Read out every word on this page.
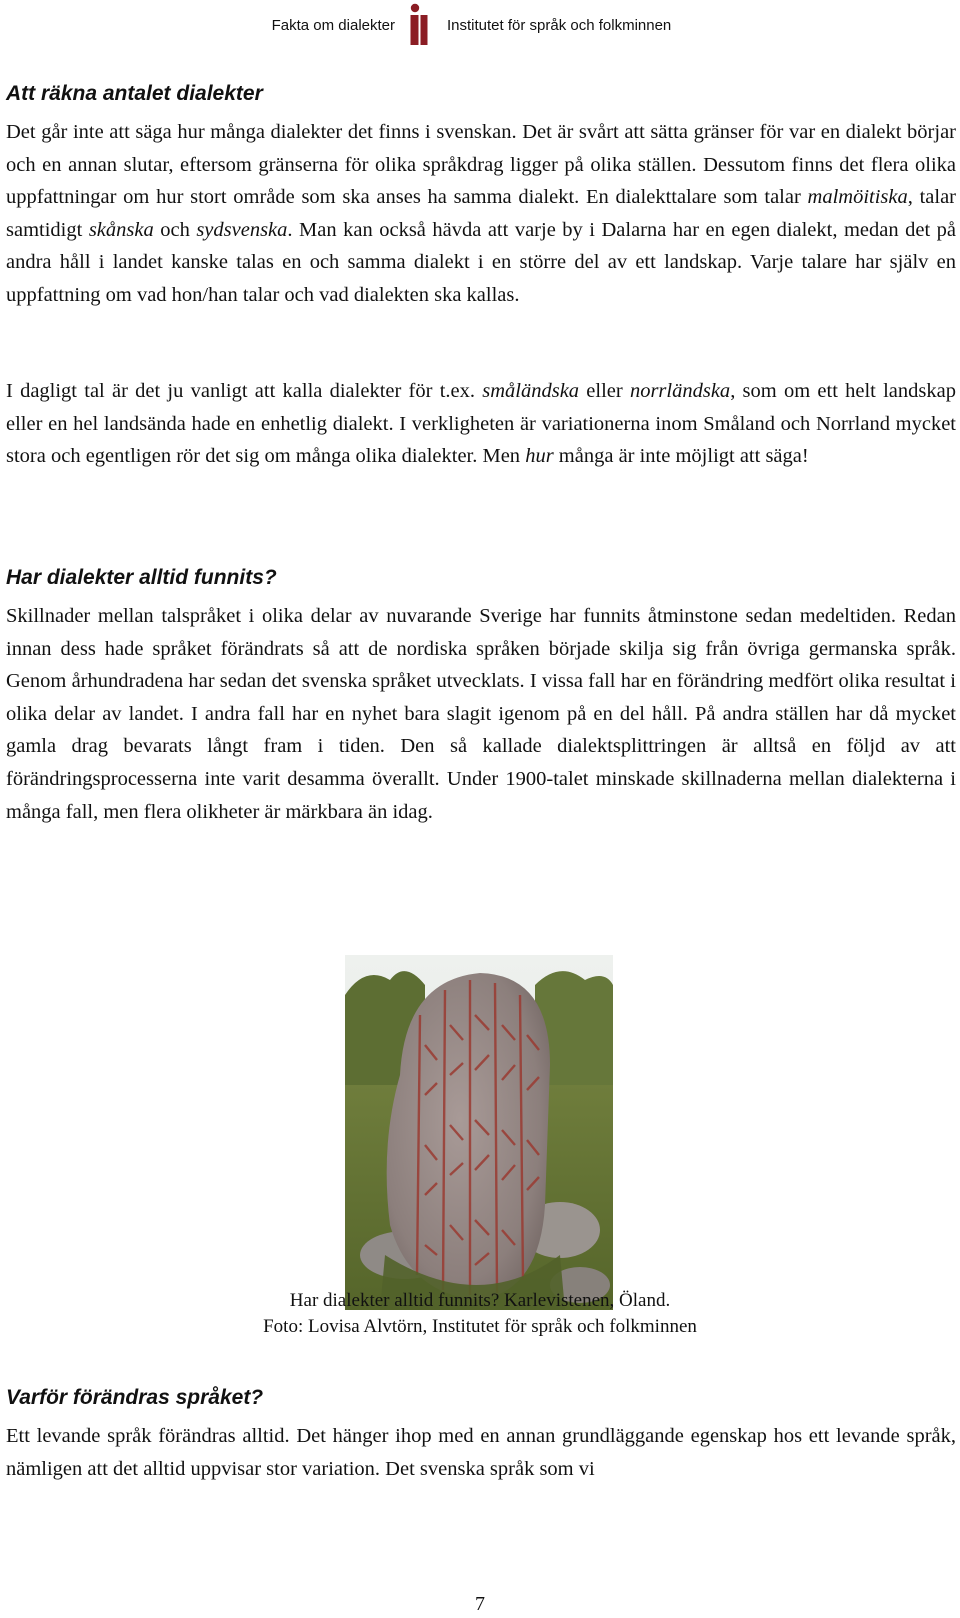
Fakta om dialekter	Institutet för språk och folkminnen
Att räkna antalet dialekter

Det går inte att säga hur många dialekter det finns i svenskan. Det är svårt att sätta gränser för var en dialekt börjar och en annan slutar, eftersom gränserna för olika språkdrag ligger på olika ställen. Dessutom finns det flera olika uppfattningar om hur stort område som ska anses ha samma dialekt. En dialekttalare som talar malmöitiska, talar samtidigt skånska och sydsvenska. Man kan också hävda att varje by i Dalarna har en egen dialekt, medan det på andra håll i landet kanske talas en och samma dialekt i en större del av ett landskap. Varje talare har själv en uppfattning om vad hon/han talar och vad dialekten ska kallas.

I dagligt tal är det ju vanligt att kalla dialekter för t.ex. småländska eller norrländska, som om ett helt landskap eller en hel landsända hade en enhetlig dialekt. I verkligheten är variationerna inom Småland och Norrland mycket stora och egentligen rör det sig om många olika dialekter. Men hur många är inte möjligt att säga!

Har dialekter alltid funnits?

Skillnader mellan talspråket i olika delar av nuvarande Sverige har funnits åtminstone sedan medeltiden. Redan innan dess hade språket förändrats så att de nordiska språken började skilja sig från övriga germanska språk. Genom århundradena har sedan det svenska språket utvecklats. I vissa fall har en förändring medfört olika resultat i olika delar av landet. I andra fall har en nyhet bara slagit igenom på en del håll. På andra ställen har då mycket gamla drag bevarats långt fram i tiden. Den så kallade dialektsplittringen är alltså en följd av att förändringsprocesserna inte varit desamma överallt. Under 1900-talet minskade skillnaderna mellan dialekterna i många fall, men flera olikheter är märkbara än idag.

Har dialekter alltid funnits? Karlevistenen, Öland.

Foto: Lovisa Alvtörn, Institutet för språk och folkminnen

Varför förändras språket?

Ett levande språk förändras alltid. Det hänger ihop med en annan grundläggande egenskap hos ett levande språk, nämligen att det alltid uppvisar stor variation. Det svenska språk som vi

7
